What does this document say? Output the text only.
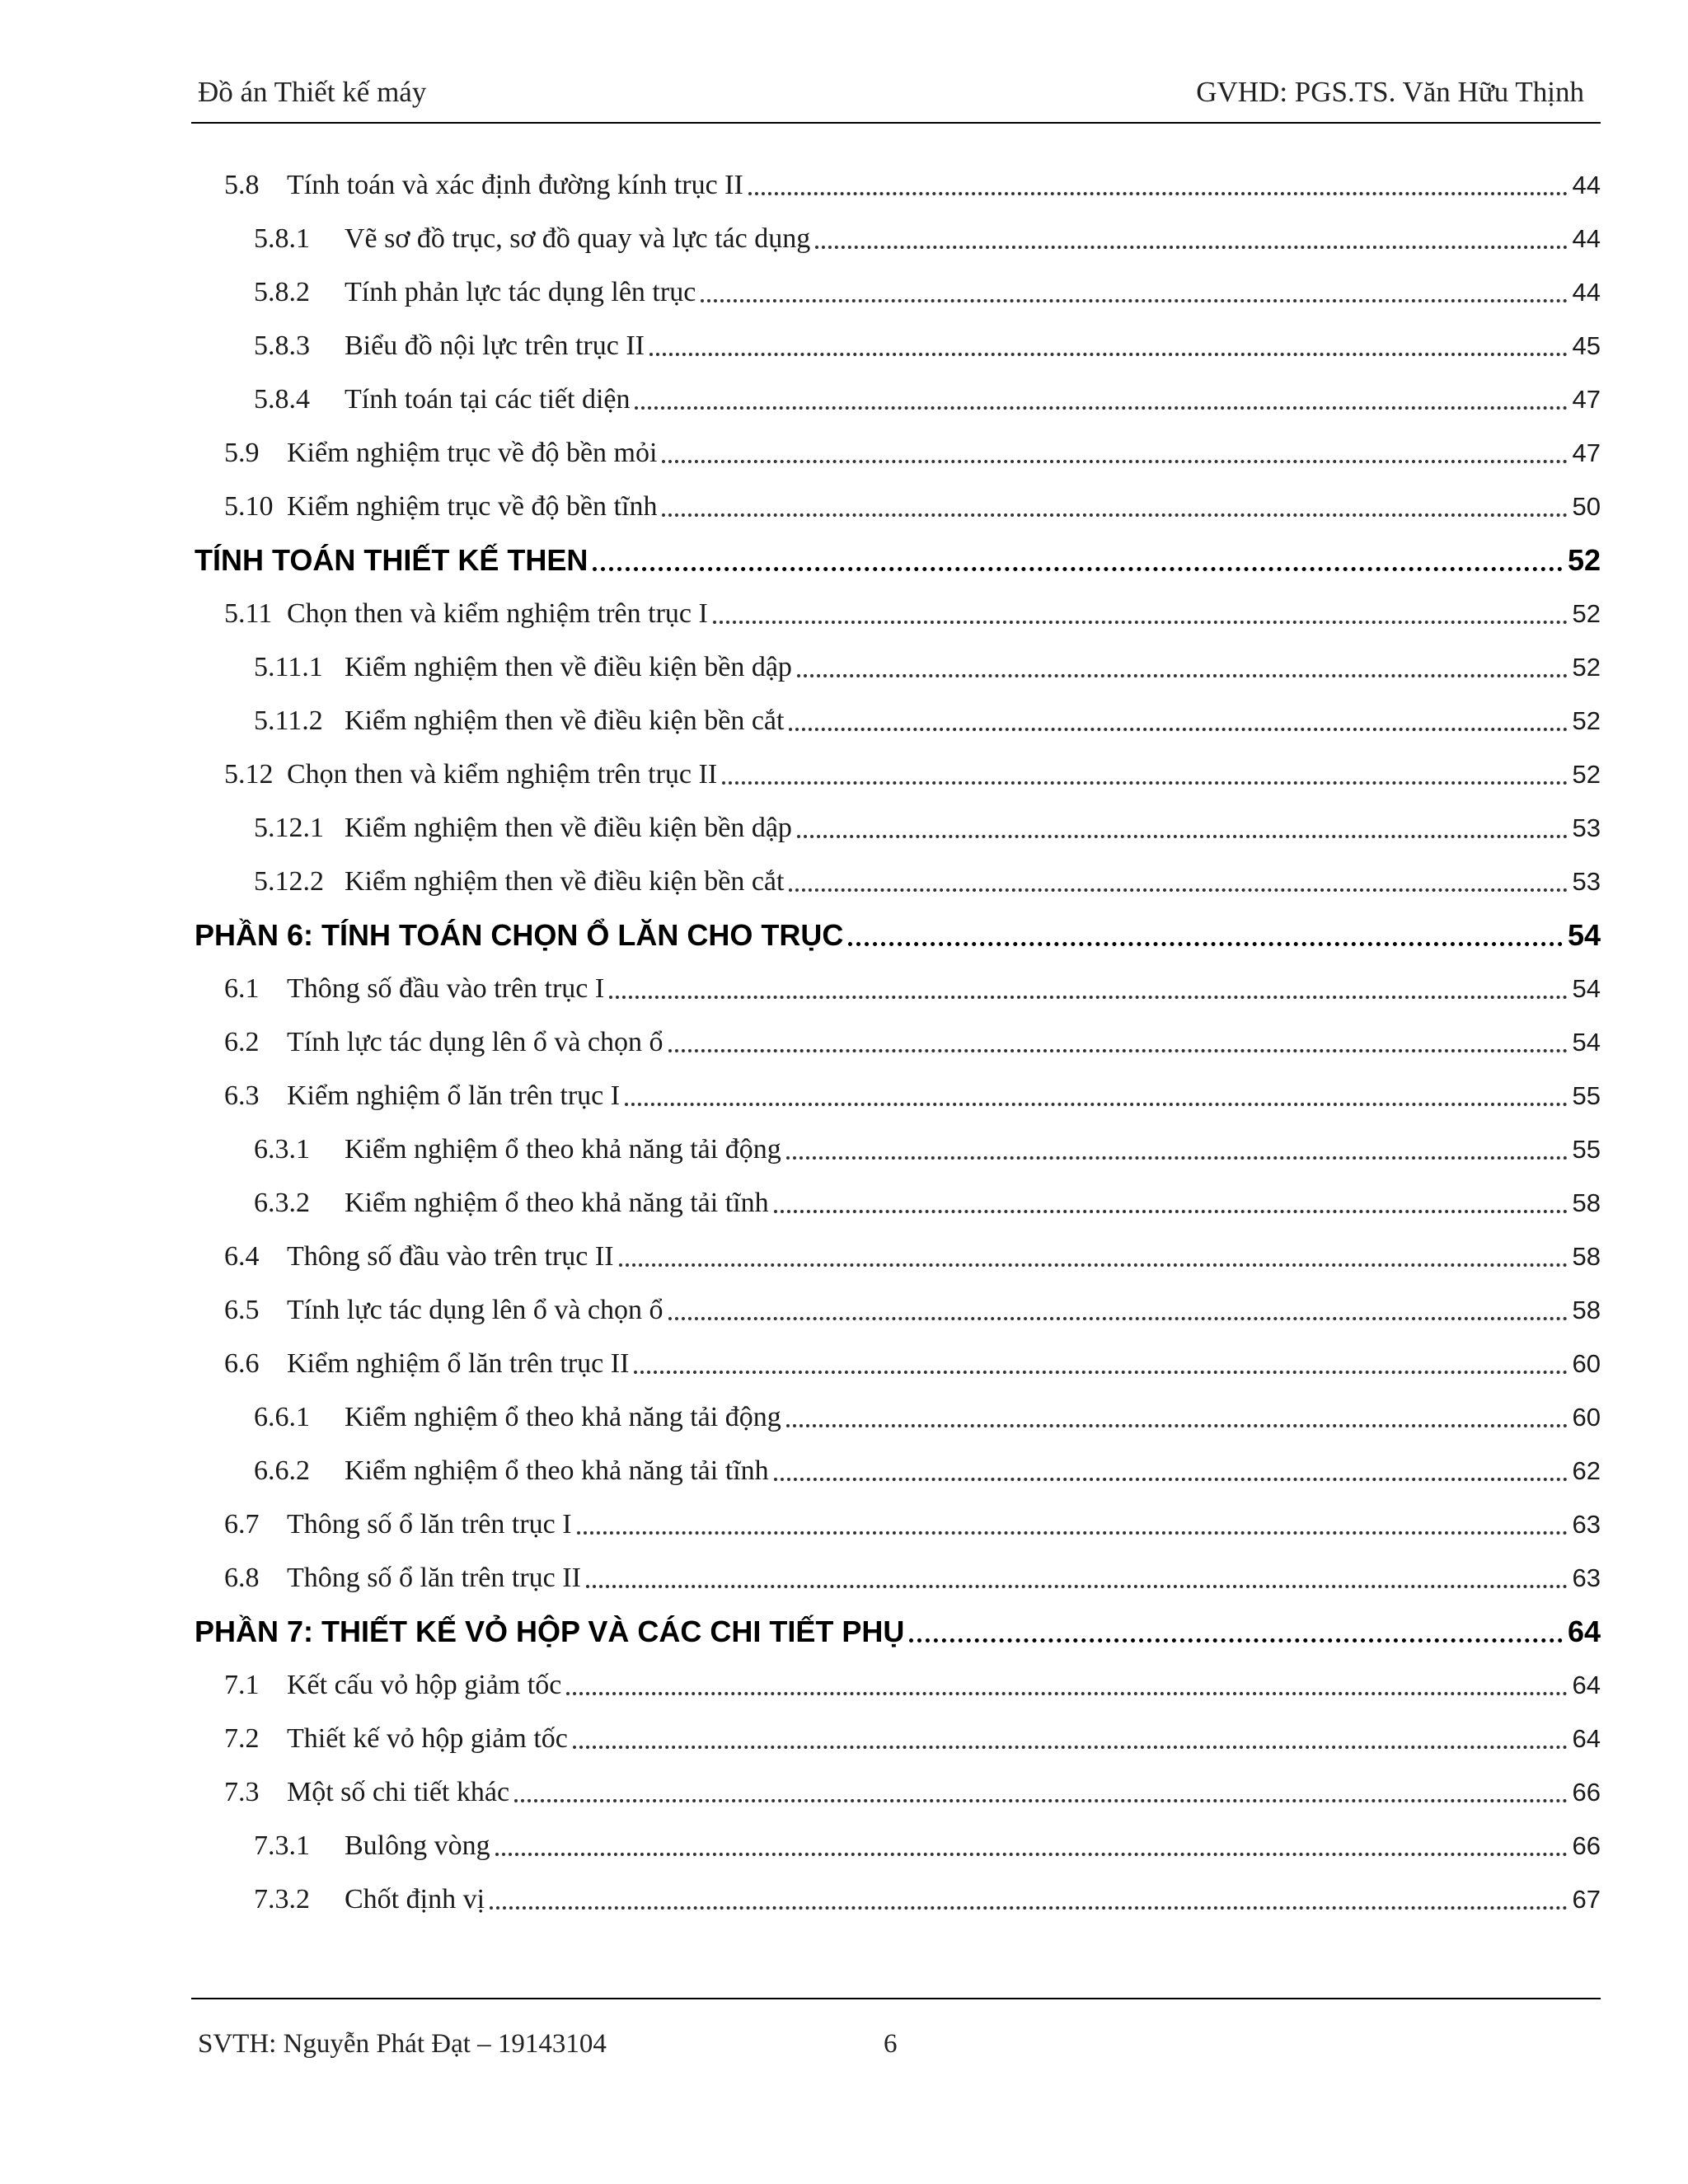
Đồ án Thiết kế máy	GVHD: PGS.TS. Văn Hữu Thịnh
5.8 Tính toán và xác định đường kính trục II	44
5.8.1	Vẽ sơ đồ trục, sơ đồ quay và lực tác dụng	44
5.8.2	Tính phản lực tác dụng lên trục	44
5.8.3	Biểu đồ nội lực trên trục II	45
5.8.4	Tính toán tại các tiết diện	47
5.9 Kiểm nghiệm trục về độ bền mỏi	47
5.10 Kiểm nghiệm trục về độ bền tĩnh	50
TÍNH TOÁN THIẾT KẾ THEN	52
5.11 Chọn then và kiểm nghiệm trên trục I	52
5.11.1 Kiểm nghiệm then về điều kiện bền dập	52
5.11.2 Kiểm nghiệm then về điều kiện bền cắt	52
5.12 Chọn then và kiểm nghiệm trên trục II	52
5.12.1 Kiểm nghiệm then về điều kiện bền dập	53
5.12.2 Kiểm nghiệm then về điều kiện bền cắt	53
PHẦN 6: TÍNH TOÁN CHỌN Ổ LĂN CHO TRỤC	54
6.1 Thông số đầu vào trên trục I	54
6.2 Tính lực tác dụng lên ổ và chọn ổ	54
6.3 Kiểm nghiệm ổ lăn trên trục I	55
6.3.1	Kiểm nghiệm ổ theo khả năng tải động	55
6.3.2	Kiểm nghiệm ổ theo khả năng tải tĩnh	58
6.4 Thông số đầu vào trên trục II	58
6.5 Tính lực tác dụng lên ổ và chọn ổ	58
6.6 Kiểm nghiệm ổ lăn trên trục II	60
6.6.1	Kiểm nghiệm ổ theo khả năng tải động	60
6.6.2	Kiểm nghiệm ổ theo khả năng tải tĩnh	62
6.7 Thông số ổ lăn trên trục I	63
6.8 Thông số ổ lăn trên trục II	63
PHẦN 7: THIẾT KẾ VỎ HỘP VÀ CÁC CHI TIẾT PHỤ	64
7.1 Kết cấu vỏ hộp giảm tốc	64
7.2 Thiết kế vỏ hộp giảm tốc	64
7.3 Một số chi tiết khác	66
7.3.1	Bulông vòng	66
7.3.2	Chốt định vị	67
SVTH: Nguyễn Phát Đạt – 19143104	6
